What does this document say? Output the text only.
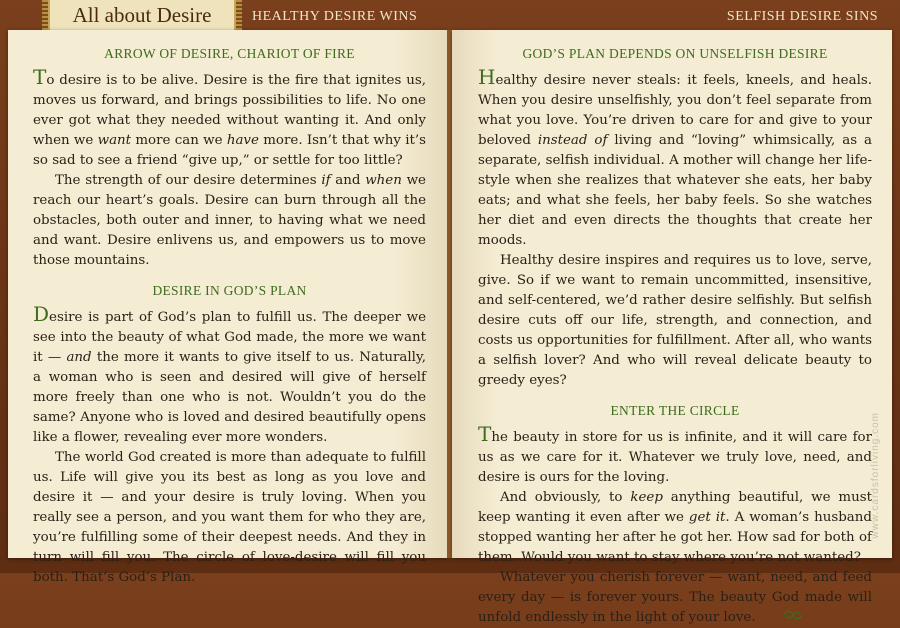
All about Desire	HEALTHY DESIRE WINS	SELFISH DESIRE SINS
ARROW OF DESIRE, CHARIOT OF FIRE

To desire is to be alive. Desire is the fire that ignites us, moves us forward, and brings possibilities to life. No one ever got what they needed without wanting it. And only when we want more can we have more. Isn’t that why it’s so sad to see a friend “give up,” or settle for too little?

The strength of our desire determines if and when we reach our heart’s goals. Desire can burn through all the obstacles, both outer and inner, to having what we need and want. Desire enlivens us, and empowers us to move those mountains.

DESIRE IN GOD’S PLAN

Desire is part of God’s plan to fulfill us. The deeper we see into the beauty of what God made, the more we want it — and the more it wants to give itself to us. Naturally, a woman who is seen and desired will give of herself more freely than one who is not. Wouldn’t you do the same? Anyone who is loved and desired beautifully opens like a flower, revealing ever more wonders.

The world God created is more than adequate to fulfill us. Life will give you its best as long as you love and desire it — and your desire is truly loving. When you really see a person, and you want them for who they are, you’re fulfilling some of their deepest needs. And they in turn will fill you. The circle of love-desire will fill you both. That’s God’s Plan.

GOD’S PLAN DEPENDS ON UNSELFISH DESIRE

Healthy desire never steals: it feels, kneels, and heals. When you desire unselfishly, you don’t feel separate from what you love. You’re driven to care for and give to your beloved instead of living and “loving” whimsically, as a separate, selfish individual. A mother will change her life-style when she realizes that whatever she eats, her baby eats; and what she feels, her baby feels. So she watches her diet and even directs the thoughts that create her moods.

Healthy desire inspires and requires us to love, serve, give. So if we want to remain uncommitted, insensitive, and self-centered, we’d rather desire selfishly. But selfish desire cuts off our life, strength, and connection, and costs us opportunities for fulfillment. After all, who wants a selfish lover? And who will reveal delicate beauty to greedy eyes?

ENTER THE CIRCLE

The beauty in store for us is infinite, and it will care for us as we care for it. Whatever we truly love, need, and desire is ours for the loving.

And obviously, to keep anything beautiful, we must keep wanting it even after we get it. A woman’s husband stopped wanting her after he got her. How sad for both of them. Would you want to stay where you’re not wanted?

Whatever you cherish forever — want, need, and feed every day — is forever yours. The beauty God made will unfold endlessly in the light of your love.

www.cardsforliving.com
